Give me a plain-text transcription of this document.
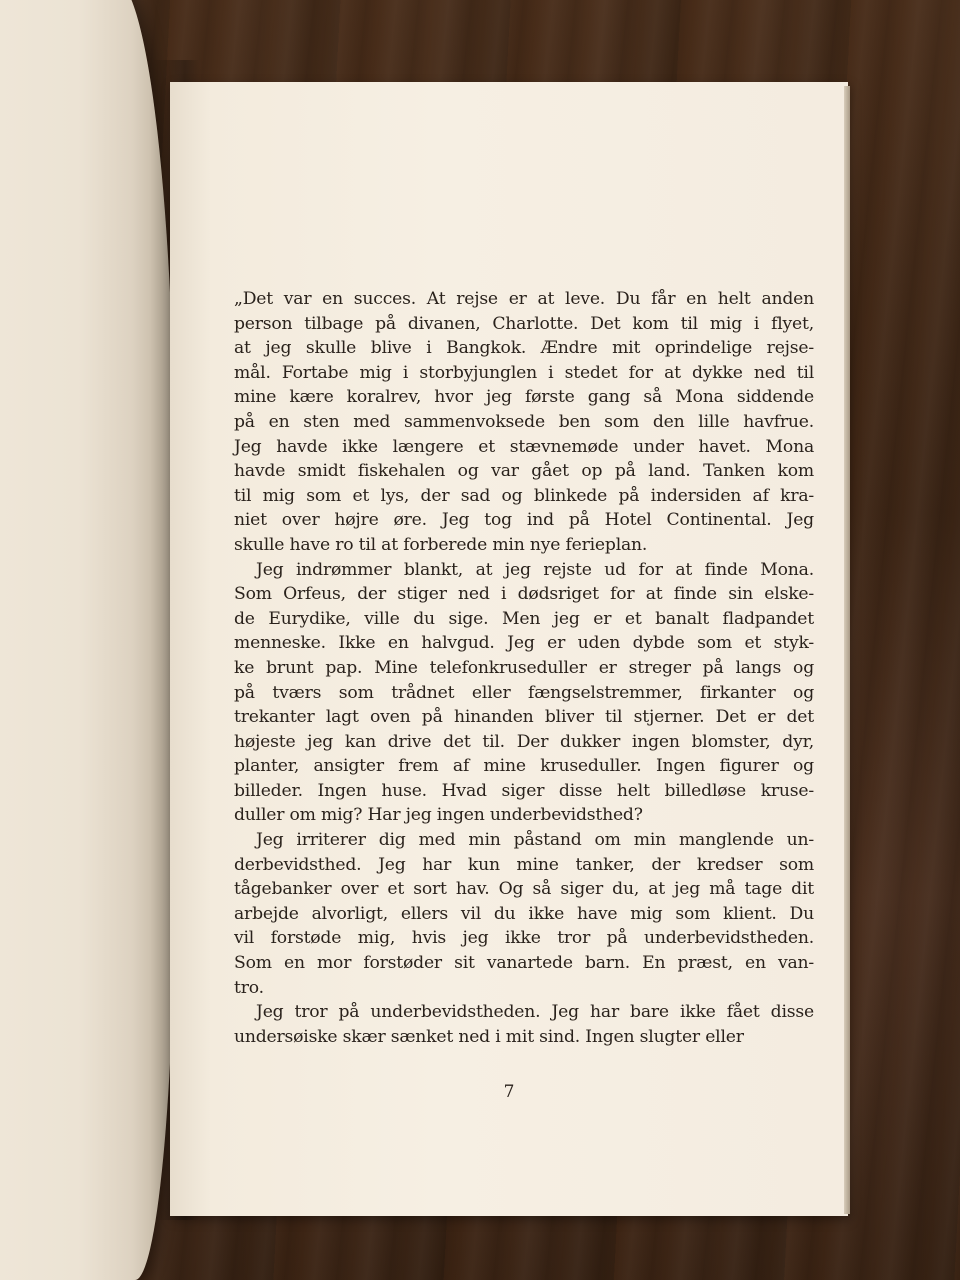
„Det var en succes. At rejse er at leve. Du får en helt anden
person tilbage på divanen, Charlotte. Det kom til mig i flyet,
at jeg skulle blive i Bangkok. Ændre mit oprindelige rejse-
mål. Fortabe mig i storbyjunglen i stedet for at dykke ned til
mine kære koralrev, hvor jeg første gang så Mona siddende
på en sten med sammenvoksede ben som den lille havfrue.
Jeg havde ikke længere et stævnemøde under havet. Mona
havde smidt fiskehalen og var gået op på land. Tanken kom
til mig som et lys, der sad og blinkede på indersiden af kra-
niet over højre øre. Jeg tog ind på Hotel Continental. Jeg
skulle have ro til at forberede min nye ferieplan.

Jeg indrømmer blankt, at jeg rejste ud for at finde Mona.
Som Orfeus, der stiger ned i dødsriget for at finde sin elske-
de Eurydike, ville du sige. Men jeg er et banalt fladpandet
menneske. Ikke en halvgud. Jeg er uden dybde som et styk-
ke brunt pap. Mine telefonkruseduller er streger på langs og
på tværs som trådnet eller fængselstremmer, firkanter og
trekanter lagt oven på hinanden bliver til stjerner. Det er det
højeste jeg kan drive det til. Der dukker ingen blomster, dyr,
planter, ansigter frem af mine kruseduller. Ingen figurer og
billeder. Ingen huse. Hvad siger disse helt billedløse kruse-
duller om mig? Har jeg ingen underbevidsthed?

Jeg irriterer dig med min påstand om min manglende un-
derbevidsthed. Jeg har kun mine tanker, der kredser som
tågebanker over et sort hav. Og så siger du, at jeg må tage dit
arbejde alvorligt, ellers vil du ikke have mig som klient. Du
vil forstøde mig, hvis jeg ikke tror på underbevidstheden.
Som en mor forstøder sit vanartede barn. En præst, en van-
tro.

Jeg tror på underbevidstheden. Jeg har bare ikke fået disse
undersøiske skær sænket ned i mit sind. Ingen slugter eller

7
